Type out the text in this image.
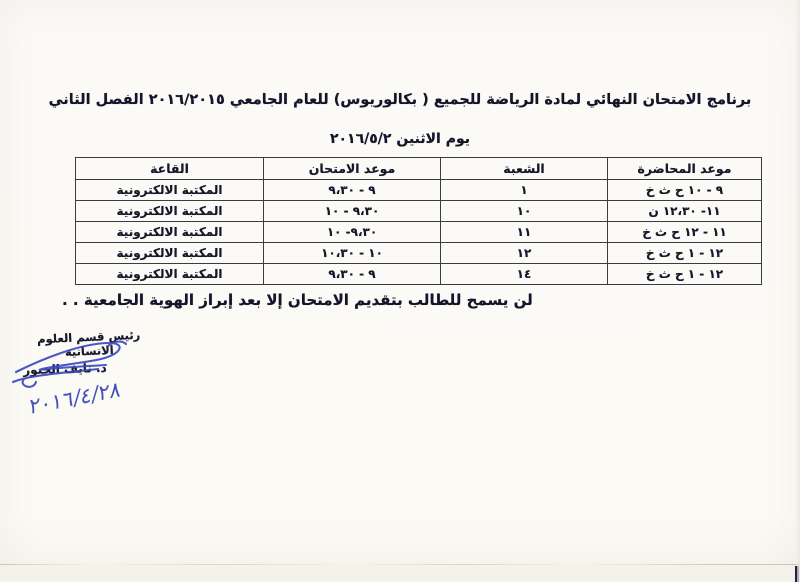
برنامج الامتحان النهائي لمادة الرياضة للجميع ( بكالوريوس) للعام الجامعي ٢٠١٦/٢٠١٥ الفصل الثاني
يوم الاثنين ٢٠١٦/٥/٢
موعد المحاضرة	الشعبة	موعد الامتحان	القاعة
٩ - ١٠ ح ث خ	١	٩ - ٩،٣٠	المكتبة الالكترونية
١١- ١٢،٣٠ ن	١٠	٩،٣٠ - ١٠	المكتبة الالكترونية
١١ - ١٢ ح ث خ	١١	٩،٣٠- ١٠	المكتبة الالكترونية
١٢ - ١ ح ث خ	١٢	١٠ - ١٠،٣٠	المكتبة الالكترونية
١٢ - ١ ح ث خ	١٤	٩ - ٩،٣٠	المكتبة الالكترونية
لن يسمح للطالب بتقديم الامتحان إلا بعد إبراز الهوية الجامعية . .
رئيس قسم العلوم الانسانية
د. نايف الجبور
٢٠١٦/٤/٢٨
